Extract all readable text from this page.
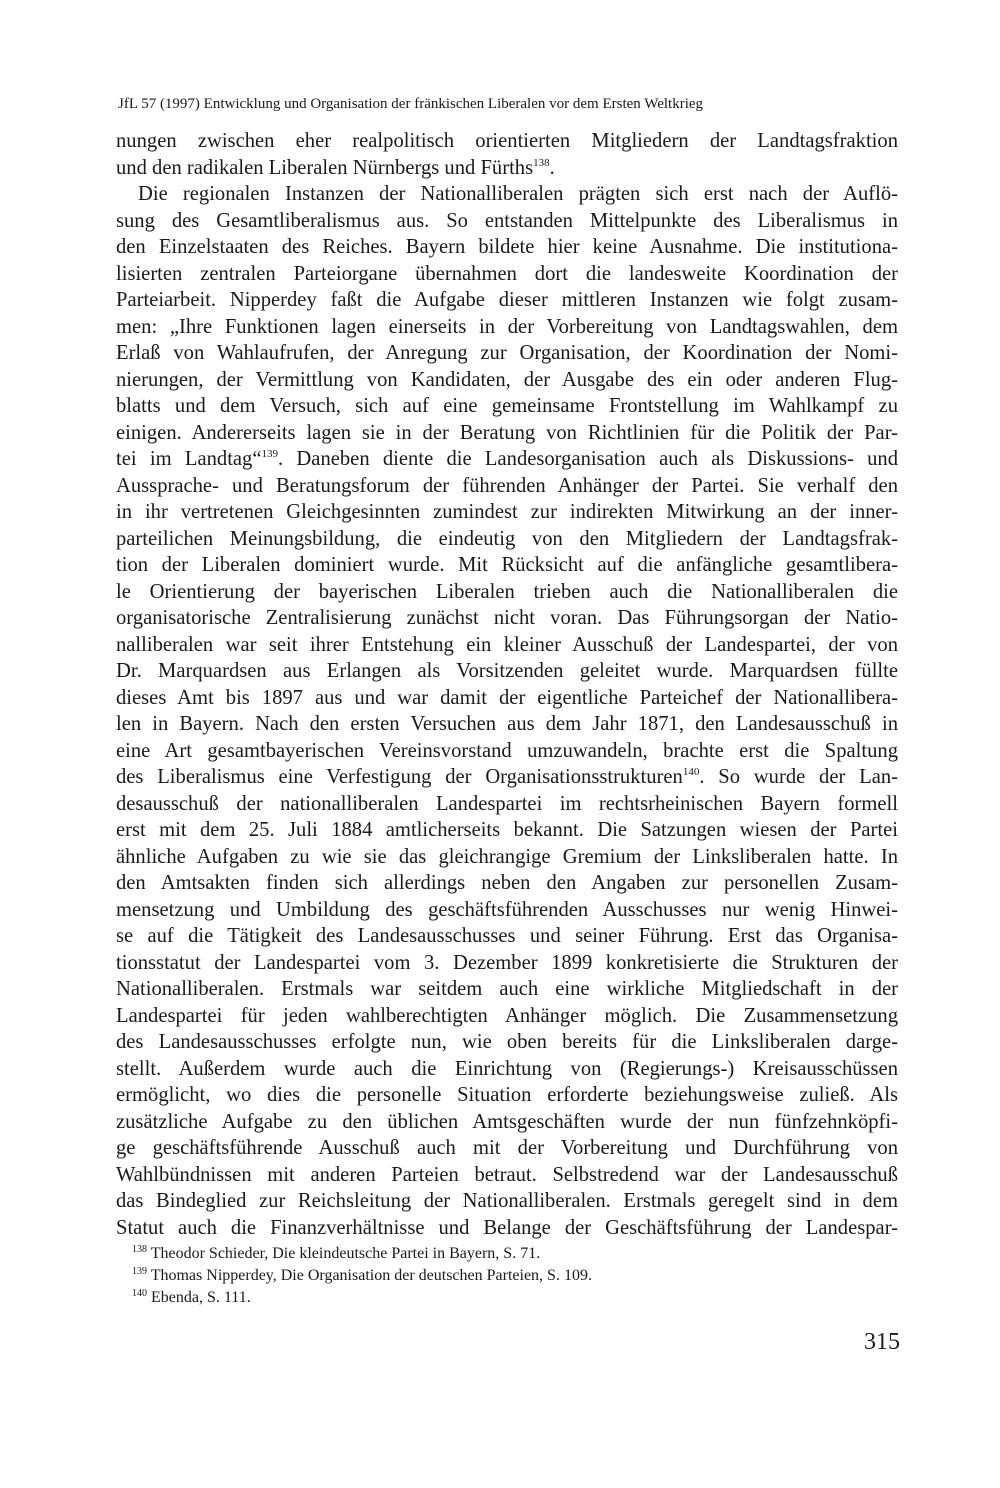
JfL 57 (1997) Entwicklung und Organisation der fränkischen Liberalen vor dem Ersten Weltkrieg
nungen zwischen eher realpolitisch orientierten Mitgliedern der Landtagsfraktion
und den radikalen Liberalen Nürnbergs und Fürths$^{138}$.
Die regionalen Instanzen der Nationalliberalen prägten sich erst nach der Auflö-
sung des Gesamtliberalismus aus. So entstanden Mittelpunkte des Liberalismus in
den Einzelstaaten des Reiches. Bayern bildete hier keine Ausnahme. Die institutiona-
lisierten zentralen Parteiorgane übernahmen dort die landesweite Koordination der
Parteiarbeit. Nipperdey faßt die Aufgabe dieser mittleren Instanzen wie folgt zusam-
men: „Ihre Funktionen lagen einerseits in der Vorbereitung von Landtagswahlen, dem
Erlaß von Wahlaufrufen, der Anregung zur Organisation, der Koordination der Nomi-
nierungen, der Vermittlung von Kandidaten, der Ausgabe des ein oder anderen Flug-
blatts und dem Versuch, sich auf eine gemeinsame Frontstellung im Wahlkampf zu
einigen. Andererseits lagen sie in der Beratung von Richtlinien für die Politik der Par-
tei im Landtag“$^{139}$. Daneben diente die Landesorganisation auch als Diskussions- und
Aussprache- und Beratungsforum der führenden Anhänger der Partei. Sie verhalf den
in ihr vertretenen Gleichgesinnten zumindest zur indirekten Mitwirkung an der inner-
parteilichen Meinungsbildung, die eindeutig von den Mitgliedern der Landtagsfrak-
tion der Liberalen dominiert wurde. Mit Rücksicht auf die anfängliche gesamtlibera-
le Orientierung der bayerischen Liberalen trieben auch die Nationalliberalen die
organisatorische Zentralisierung zunächst nicht voran. Das Führungsorgan der Natio-
nalliberalen war seit ihrer Entstehung ein kleiner Ausschuß der Landespartei, der von
Dr. Marquardsen aus Erlangen als Vorsitzenden geleitet wurde. Marquardsen füllte
dieses Amt bis 1897 aus und war damit der eigentliche Parteichef der Nationallibera-
len in Bayern. Nach den ersten Versuchen aus dem Jahr 1871, den Landesausschuß in
eine Art gesamtbayerischen Vereinsvorstand umzuwandeln, brachte erst die Spaltung
des Liberalismus eine Verfestigung der Organisationsstrukturen$^{140}$. So wurde der Lan-
desausschuß der nationalliberalen Landespartei im rechtsrheinischen Bayern formell
erst mit dem 25. Juli 1884 amtlicherseits bekannt. Die Satzungen wiesen der Partei
ähnliche Aufgaben zu wie sie das gleichrangige Gremium der Linksliberalen hatte. In
den Amtsakten finden sich allerdings neben den Angaben zur personellen Zusam-
mensetzung und Umbildung des geschäftsführenden Ausschusses nur wenig Hinwei-
se auf die Tätigkeit des Landesausschusses und seiner Führung. Erst das Organisa-
tionsstatut der Landespartei vom 3. Dezember 1899 konkretisierte die Strukturen der
Nationalliberalen. Erstmals war seitdem auch eine wirkliche Mitgliedschaft in der
Landespartei für jeden wahlberechtigten Anhänger möglich. Die Zusammensetzung
des Landesausschusses erfolgte nun, wie oben bereits für die Linksliberalen darge-
stellt. Außerdem wurde auch die Einrichtung von (Regierungs-) Kreisausschüssen
ermöglicht, wo dies die personelle Situation erforderte beziehungsweise zuließ. Als
zusätzliche Aufgabe zu den üblichen Amtsgeschäften wurde der nun fünfzehnköpfi-
ge geschäftsführende Ausschuß auch mit der Vorbereitung und Durchführung von
Wahlbündnissen mit anderen Parteien betraut. Selbstredend war der Landesausschuß
das Bindeglied zur Reichsleitung der Nationalliberalen. Erstmals geregelt sind in dem
Statut auch die Finanzverhältnisse und Belange der Geschäftsführung der Landespar-
$^{138}$ Theodor Schieder, Die kleindeutsche Partei in Bayern, S. 71.
$^{139}$ Thomas Nipperdey, Die Organisation der deutschen Parteien, S. 109.
$^{140}$ Ebenda, S. 111.
315
